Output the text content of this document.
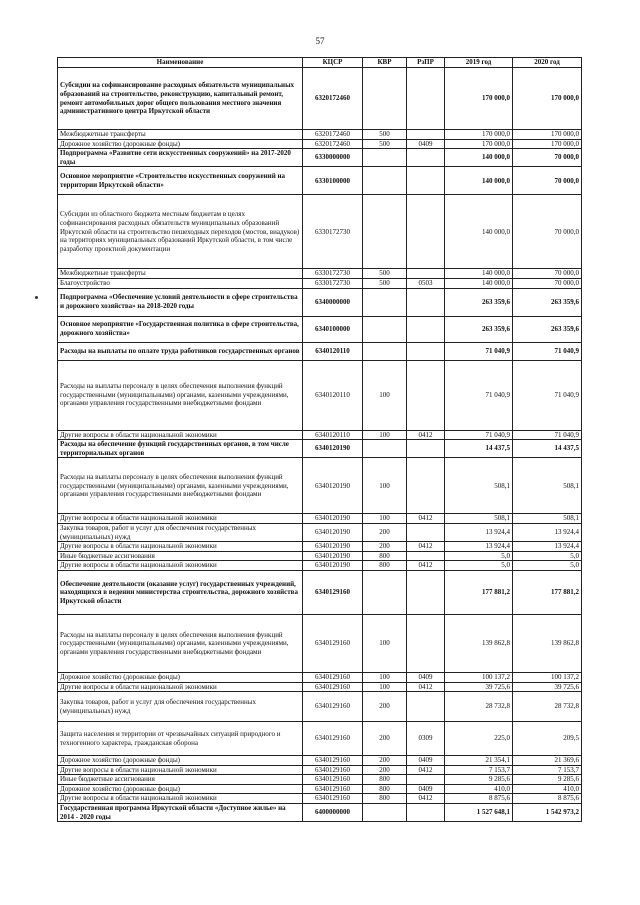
57
Наименование	КЦСР	КВР	РзПР	2019 год	2020 год
Субсидии на софинансирование расходных обязательств муниципальных образований на строительство, реконструкцию, капитальный ремонт, ремонт автомобильных дорог общего пользования местного значения административного центра Иркутской области	6320172460			170 000,0	170 000,0
Межбюджетные трансферты	6320172460	500		170 000,0	170 000,0
Дорожное хозяйство (дорожные фонды)	6320172460	500	0409	170 000,0	170 000,0
Подпрограмма «Развитие сети искусственных сооружений» на 2017-2020 годы	6330000000			140 000,0	70 000,0
Основное мероприятие «Строительство искусственных сооружений на территории Иркутской области»	6330100000			140 000,0	70 000,0
Субсидии из областного бюджета местным бюджетам в целях софинансирования расходных обязательств муниципальных образований Иркутской области на строительство пешеходных переходов (мостов, виадуков) на территориях муниципальных образований Иркутской области, в том числе разработку проектной документации	6330172730			140 000,0	70 000,0
Межбюджетные трансферты	6330172730	500		140 000,0	70 000,0
Благоустройство	6330172730	500	0503	140 000,0	70 000,0
Подпрограмма «Обеспечение условий деятельности в сфере строительства и дорожного хозяйства» на 2018-2020 годы	6340000000			263 359,6	263 359,6
Основное мероприятие «Государственная политика в сфере строительства, дорожного хозяйства»	6340100000			263 359,6	263 359,6
Расходы на выплаты по оплате труда работников государственных органов	6340120110			71 040,9	71 040,9
Расходы на выплаты персоналу в целях обеспечения выполнения функций государственными (муниципальными) органами, казенными учреждениями, органами управления государственными внебюджетными фондами	6340120110	100		71 040,9	71 040,9
Другие вопросы в области национальной экономики	6340120110	100	0412	71 040,9	71 040,9
Расходы на обеспечение функций государственных органов, в том числе территориальных органов	6340120190			14 437,5	14 437,5
Расходы на выплаты персоналу в целях обеспечения выполнения функций государственными (муниципальными) органами, казенными учреждениями, органами управления государственными внебюджетными фондами	6340120190	100		508,1	508,1
Другие вопросы в области национальной экономики	6340120190	100	0412	508,1	508,1
Закупка товаров, работ и услуг для обеспечения государственных (муниципальных) нужд	6340120190	200		13 924,4	13 924,4
Другие вопросы в области национальной экономики	6340120190	200	0412	13 924,4	13 924,4
Иные бюджетные ассигнования	6340120190	800		5,0	5,0
Другие вопросы в области национальной экономики	6340120190	800	0412	5,0	5,0
Обеспечение деятельности (оказание услуг) государственных учреждений, находящихся в ведении министерства строительства, дорожного хозяйства Иркутской области	6340129160			177 881,2	177 881,2
Расходы на выплаты персоналу в целях обеспечения выполнения функций государственными (муниципальными) органами, казенными учреждениями, органами управления государственными внебюджетными фондами	6340129160	100		139 862,8	139 862,8
Дорожное хозяйство (дорожные фонды)	6340129160	100	0409	100 137,2	100 137,2
Другие вопросы в области национальной экономики	6340129160	100	0412	39 725,6	39 725,6
Закупка товаров, работ и услуг для обеспечения государственных (муниципальных) нужд	6340129160	200		28 732,8	28 732,8
Защита населения и территории от чрезвычайных ситуаций природного и техногенного характера, гражданская оборона	6340129160	200	0309	225,0	209,5
Дорожное хозяйство (дорожные фонды)	6340129160	200	0409	21 354,1	21 369,6
Другие вопросы в области национальной экономики	6340129160	200	0412	7 153,7	7 153,7
Иные бюджетные ассигнования	6340129160	800		9 285,6	9 285,6
Дорожное хозяйство (дорожные фонды)	6340129160	800	0409	410,0	410,0
Другие вопросы в области национальной экономики	6340129160	800	0412	8 875,6	8 875,6
Государственная программа Иркутской области «Доступное жилье» на 2014 - 2020 годы	6400000000			1 527 648,1	1 542 973,2
